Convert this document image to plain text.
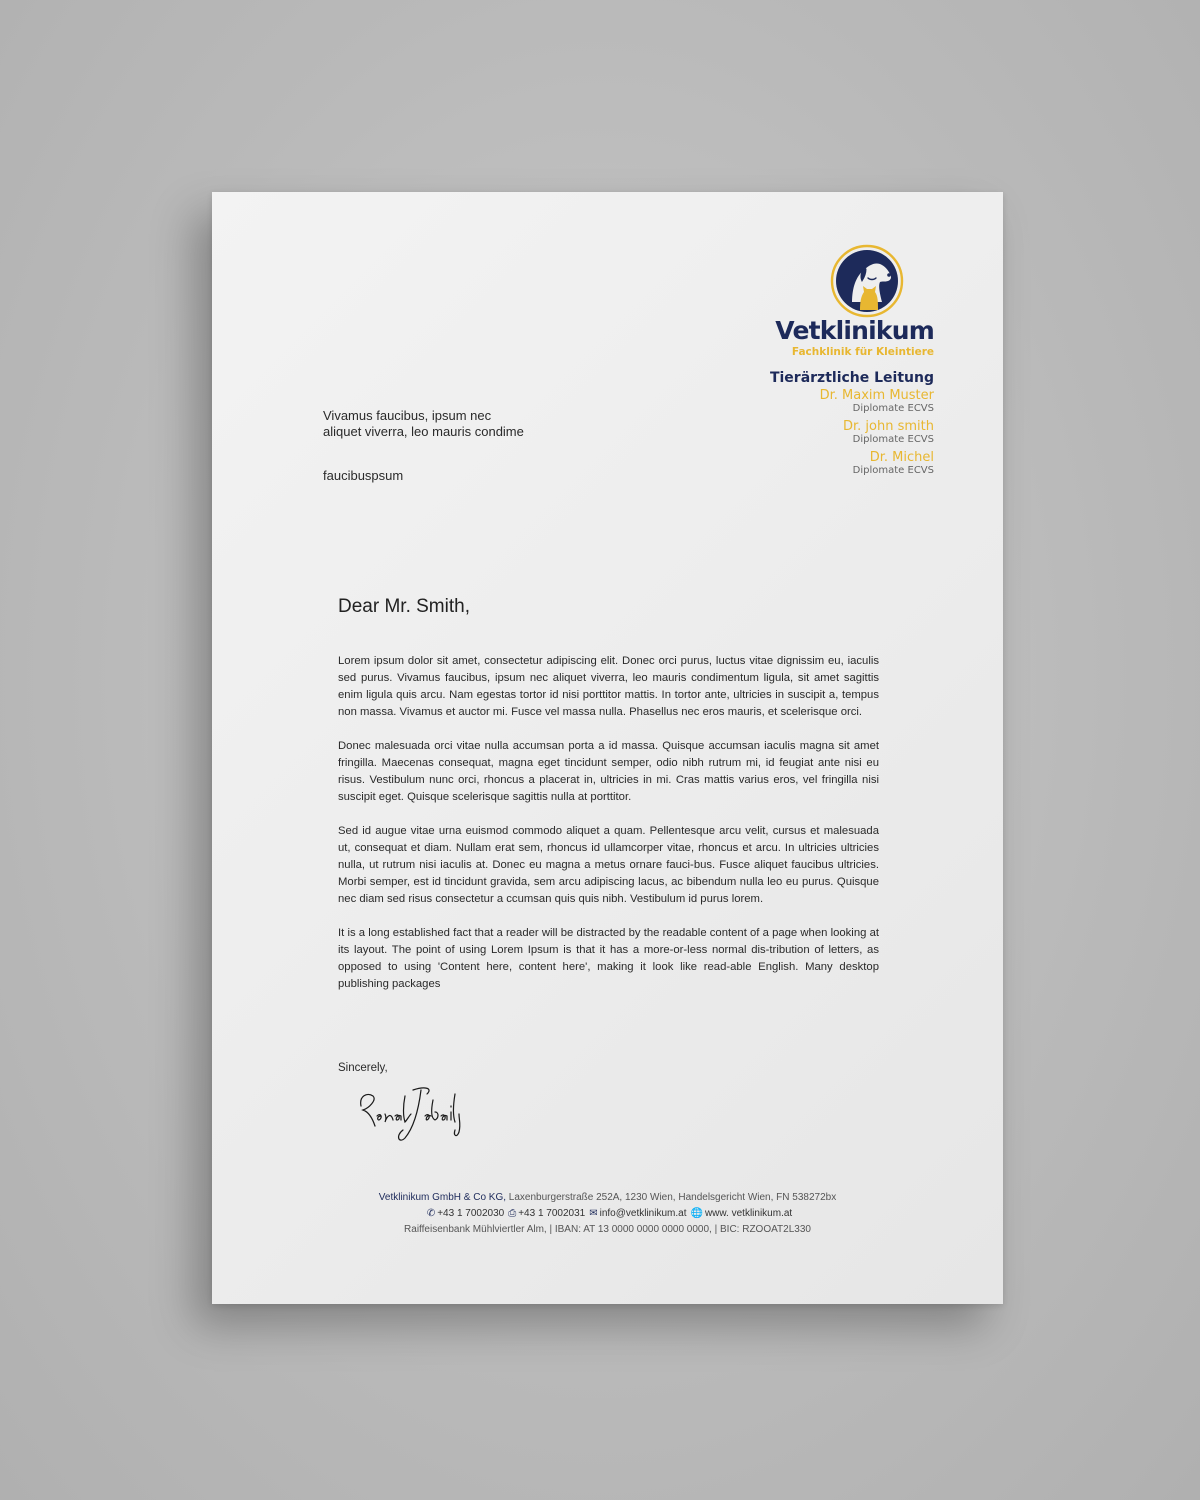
Vetklinikum
Fachklinik für Kleintiere
Tierärztliche Leitung
Dr. Maxim Muster
Diplomate ECVS
Dr. john smith
Diplomate ECVS
Dr. Michel
Diplomate ECVS
Vivamus faucibus, ipsum nec
aliquet viverra, leo mauris condime
faucibuspsum
Dear Mr. Smith,

Lorem ipsum dolor sit amet, consectetur adipiscing elit. Donec orci purus, luctus vitae dignissim eu, iaculis sed purus. Vivamus faucibus, ipsum nec aliquet viverra, leo mauris condimentum ligula, sit amet sagittis enim ligula quis arcu. Nam egestas tortor id nisi porttitor mattis. In tortor ante, ultricies in suscipit a, tempus non massa. Vivamus et auctor mi. Fusce vel massa nulla. Phasellus nec eros mauris, et scelerisque orci.

Donec malesuada orci vitae nulla accumsan porta a id massa. Quisque accumsan iaculis magna sit amet fringilla. Maecenas consequat, magna eget tincidunt semper, odio nibh rutrum mi, id feugiat ante nisi eu risus. Vestibulum nunc orci, rhoncus a placerat in, ultricies in mi. Cras mattis varius eros, vel fringilla nisi suscipit eget. Quisque scelerisque sagittis nulla at porttitor.

Sed id augue vitae urna euismod commodo aliquet a quam. Pellentesque arcu velit, cursus et malesuada ut, consequat et diam. Nullam erat sem, rhoncus id ullamcorper vitae, rhoncus et arcu. In ultricies ultricies nulla, ut rutrum nisi iaculis at. Donec eu magna a metus ornare fauci-bus. Fusce aliquet faucibus ultricies. Morbi semper, est id tincidunt gravida, sem arcu adipiscing lacus, ac bibendum nulla leo eu purus. Quisque nec diam sed risus consectetur a ccumsan quis quis nibh. Vestibulum id purus lorem.

It is a long established fact that a reader will be distracted by the readable content of a page when looking at its layout. The point of using Lorem Ipsum is that it has a more-or-less normal dis-tribution of letters, as opposed to using 'Content here, content here', making it look like read-able English. Many desktop publishing packages

Sincerely,
Vetklinikum GmbH & Co KG, Laxenburgerstraße 252A, 1230 Wien, Handelsgericht Wien, FN 538272bx
✆ +43 1 7002030 ⎙ +43 1 7002031 ✉ info@vetklinikum.at 🌐 www. vetklinikum.at
Raiffeisenbank Mühlviertler Alm, | IBAN: AT 13 0000 0000 0000 0000, | BIC: RZOOAT2L330
